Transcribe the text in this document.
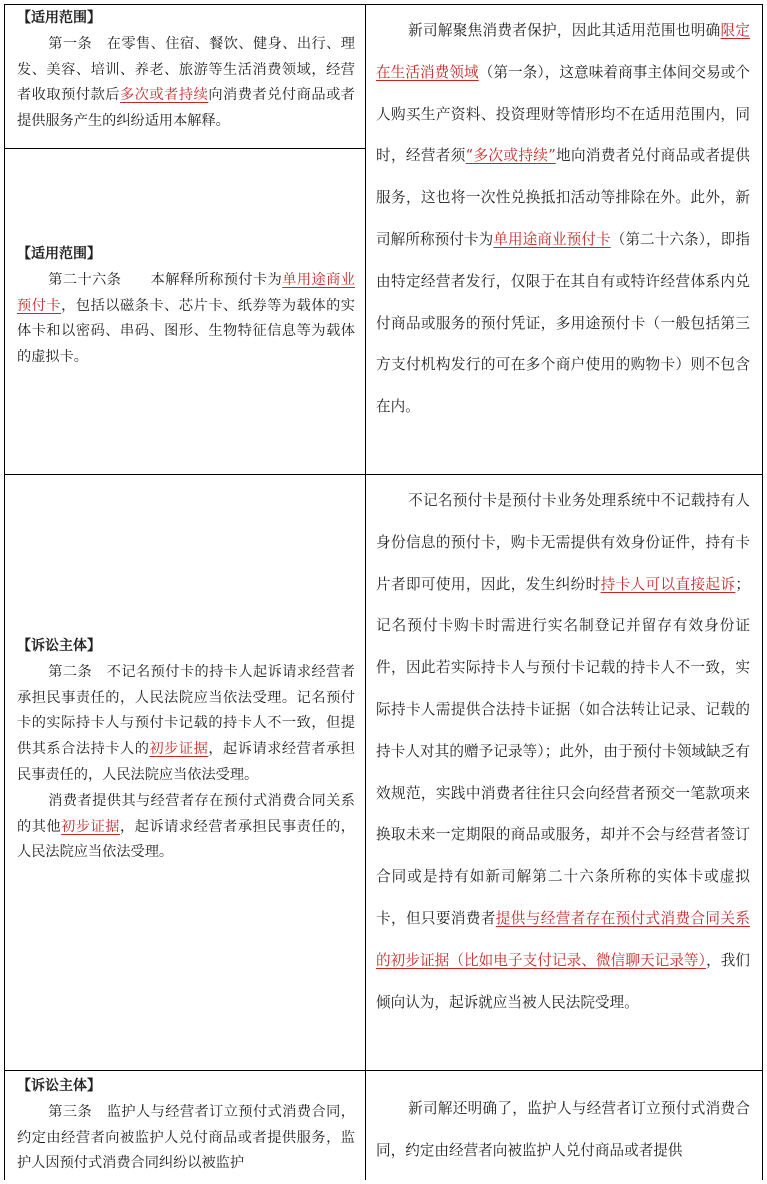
【适用范围】

第一条　在零售、住宿、餐饮、健身、出行、理发、美容、培训、养老、旅游等生活消费领域，经营者收取预付款后多次或者持续向消费者兑付商品或者提供服务产生的纠纷适用本解释。

【适用范围】

第二十六条　　本解释所称预付卡为单用途商业预付卡，包括以磁条卡、芯片卡、纸券等为载体的实体卡和以密码、串码、图形、生物特征信息等为载体的虚拟卡。

新司解聚焦消费者保护，因此其适用范围也明确限定在生活消费领域（第一条），这意味着商事主体间交易或个人购买生产资料、投资理财等情形均不在适用范围内，同时，经营者须“多次或持续”地向消费者兑付商品或者提供服务，这也将一次性兑换抵扣活动等排除在外。此外，新司解所称预付卡为单用途商业预付卡（第二十六条），即指由特定经营者发行，仅限于在其自有或特许经营体系内兑付商品或服务的预付凭证，多用途预付卡（一般包括第三方支付机构发行的可在多个商户使用的购物卡）则不包含在内。

【诉讼主体】

第二条　不记名预付卡的持卡人起诉请求经营者承担民事责任的，人民法院应当依法受理。记名预付卡的实际持卡人与预付卡记载的持卡人不一致，但提供其系合法持卡人的初步证据，起诉请求经营者承担民事责任的，人民法院应当依法受理。

消费者提供其与经营者存在预付式消费合同关系的其他初步证据，起诉请求经营者承担民事责任的，人民法院应当依法受理。

不记名预付卡是预付卡业务处理系统中不记载持有人身份信息的预付卡，购卡无需提供有效身份证件，持有卡片者即可使用，因此，发生纠纷时持卡人可以直接起诉；记名预付卡购卡时需进行实名制登记并留存有效身份证件，因此若实际持卡人与预付卡记载的持卡人不一致，实际持卡人需提供合法持卡证据（如合法转让记录、记载的持卡人对其的赠予记录等）；此外，由于预付卡领域缺乏有效规范，实践中消费者往往只会向经营者预交一笔款项来换取未来一定期限的商品或服务，却并不会与经营者签订合同或是持有如新司解第二十六条所称的实体卡或虚拟卡，但只要消费者提供与经营者存在预付式消费合同关系的初步证据（比如电子支付记录、微信聊天记录等），我们倾向认为，起诉就应当被人民法院受理。

【诉讼主体】

第三条　监护人与经营者订立预付式消费合同，约定由经营者向被监护人兑付商品或者提供服务，监护人因预付式消费合同纠纷以被监护

新司解还明确了，监护人与经营者订立预付式消费合同，约定由经营者向被监护人兑付商品或者提供
